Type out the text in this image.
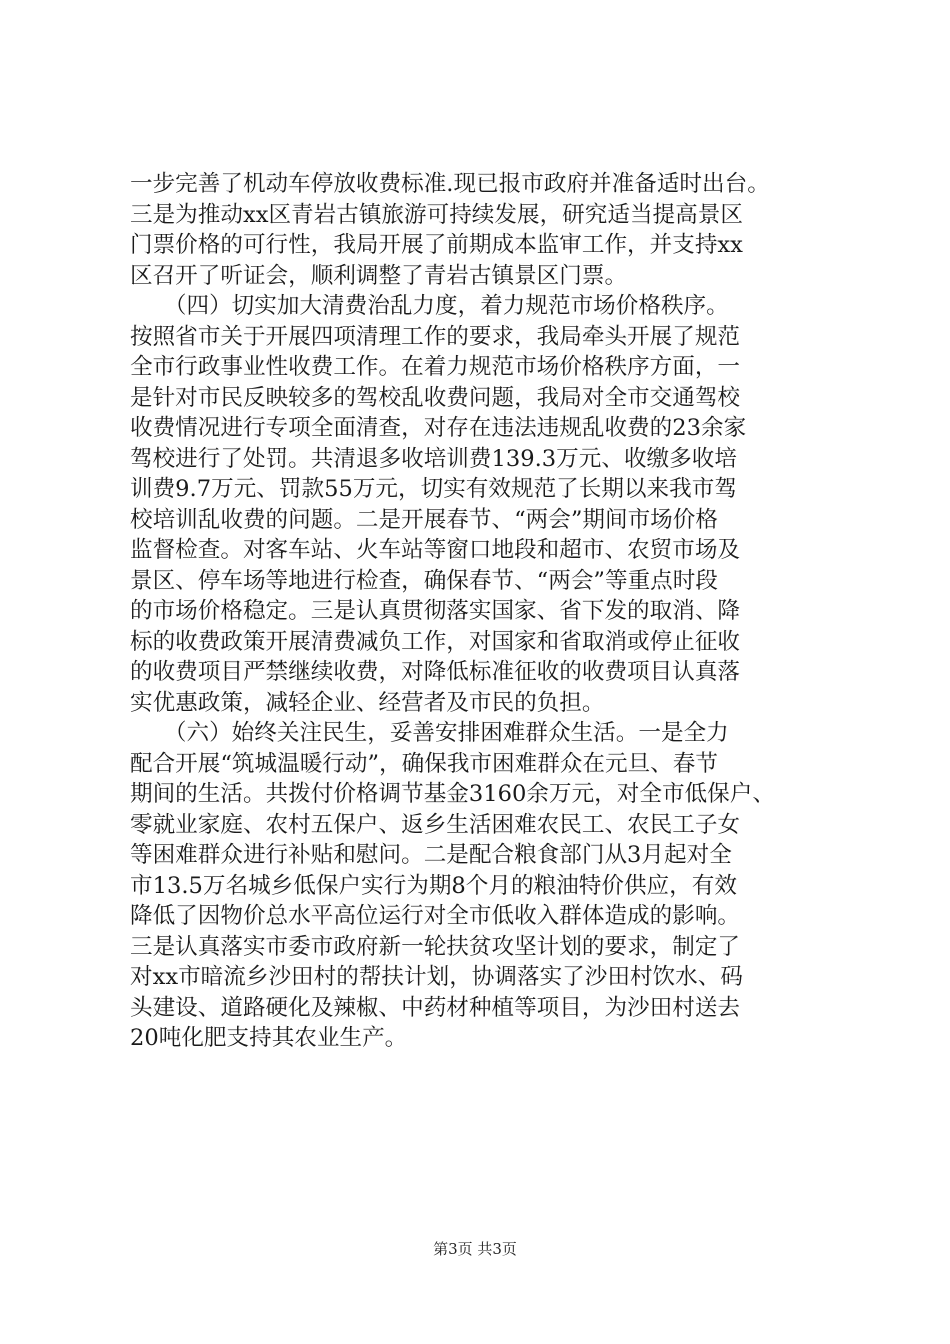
一步完善了机动车停放收费标准.现已报市政府并准备适时出台。
三是为推动xx区青岩古镇旅游可持续发展，研究适当提高景区
门票价格的可行性，我局开展了前期成本监审工作，并支持xx
区召开了听证会，顺利调整了青岩古镇景区门票。
　　（四）切实加大清费治乱力度，着力规范市场价格秩序。
按照省市关于开展四项清理工作的要求，我局牵头开展了规范
全市行政事业性收费工作。在着力规范市场价格秩序方面，一
是针对市民反映较多的驾校乱收费问题，我局对全市交通驾校
收费情况进行专项全面清查，对存在违法违规乱收费的23余家
驾校进行了处罚。共清退多收培训费139.3万元、收缴多收培
训费9.7万元、罚款55万元，切实有效规范了长期以来我市驾
校培训乱收费的问题。二是开展春节、“两会”期间市场价格
监督检查。对客车站、火车站等窗口地段和超市、农贸市场及
景区、停车场等地进行检查，确保春节、“两会”等重点时段
的市场价格稳定。三是认真贯彻落实国家、省下发的取消、降
标的收费政策开展清费减负工作，对国家和省取消或停止征收
的收费项目严禁继续收费，对降低标准征收的收费项目认真落
实优惠政策，减轻企业、经营者及市民的负担。
　　（六）始终关注民生，妥善安排困难群众生活。一是全力
配合开展“筑城温暖行动”，确保我市困难群众在元旦、春节
期间的生活。共拨付价格调节基金3160余万元，对全市低保户、
零就业家庭、农村五保户、返乡生活困难农民工、农民工子女
等困难群众进行补贴和慰问。二是配合粮食部门从3月起对全
市13.5万名城乡低保户实行为期8个月的粮油特价供应，有效
降低了因物价总水平高位运行对全市低收入群体造成的影响。
三是认真落实市委市政府新一轮扶贫攻坚计划的要求，制定了
对xx市暗流乡沙田村的帮扶计划，协调落实了沙田村饮水、码
头建设、道路硬化及辣椒、中药材种植等项目，为沙田村送去
20吨化肥支持其农业生产。
第3页 共3页
